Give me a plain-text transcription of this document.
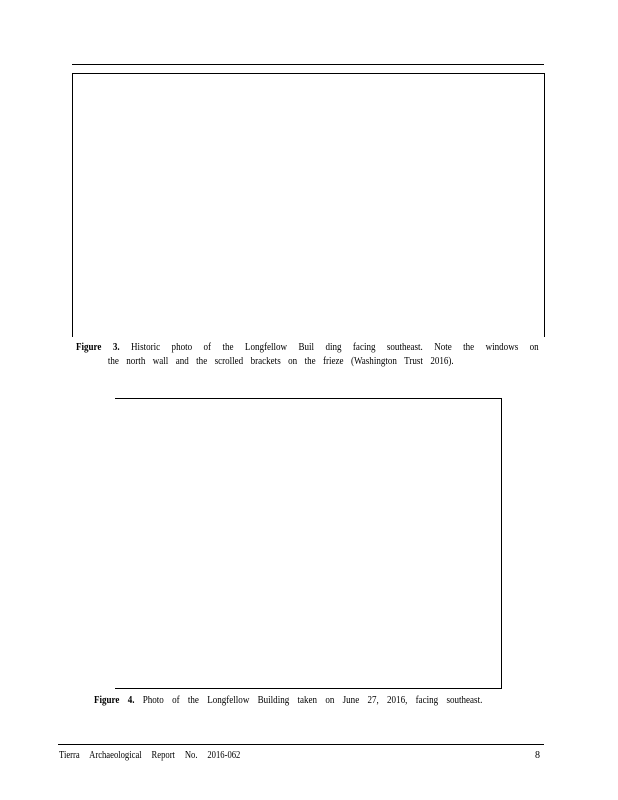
Figure 3. Historic photo of the Longfellow Buil ding facing southeast. Note the windows on
the north wall and the scrolled brackets on the frieze (Washington Trust 2016).
Figure 4. Photo of the Longfellow Building taken on June 27, 2016, facing southeast.
Tierra Archaeological Report No. 2016-062	8
